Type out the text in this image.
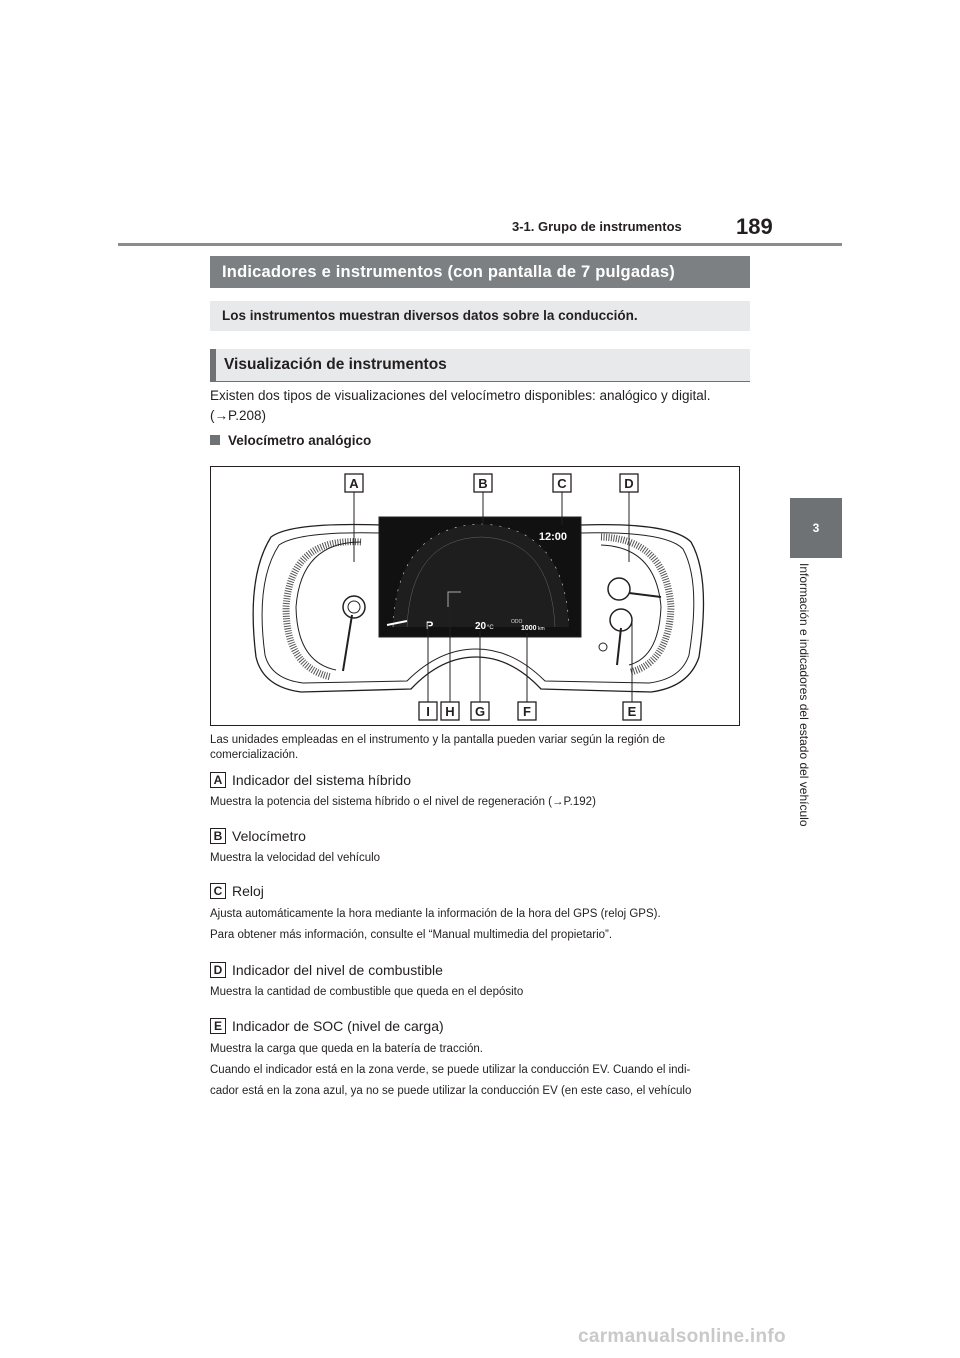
3-1. Grupo de instrumentos 189
3
Información e indicadores del estado del vehículo
Indicadores e instrumentos (con pantalla de 7 pulgadas)
Los instrumentos muestran diversos datos sobre la conducción.
Visualización de instrumentos
Existen dos tipos de visualizaciones del velocímetro disponibles: analógico y digital.
(→P.208)
Velocímetro analógico
12:00
P	20 °C
ODO
1000 km
A	B	C	D
I H G	F	E
Las unidades empleadas en el instrumento y la pantalla pueden variar según la región de comercialización.
A Indicador del sistema híbrido
Muestra la potencia del sistema híbrido o el nivel de regeneración (→P.192)
B Velocímetro
Muestra la velocidad del vehículo
C Reloj
Ajusta automáticamente la hora mediante la información de la hora del GPS (reloj GPS).
Para obtener más información, consulte el “Manual multimedia del propietario”.
D Indicador del nivel de combustible
Muestra la cantidad de combustible que queda en el depósito
E Indicador de SOC (nivel de carga)
Muestra la carga que queda en la batería de tracción.
Cuando el indicador está en la zona verde, se puede utilizar la conducción EV. Cuando el indi-
cador está en la zona azul, ya no se puede utilizar la conducción EV (en este caso, el vehículo
carmanualsonline.info
